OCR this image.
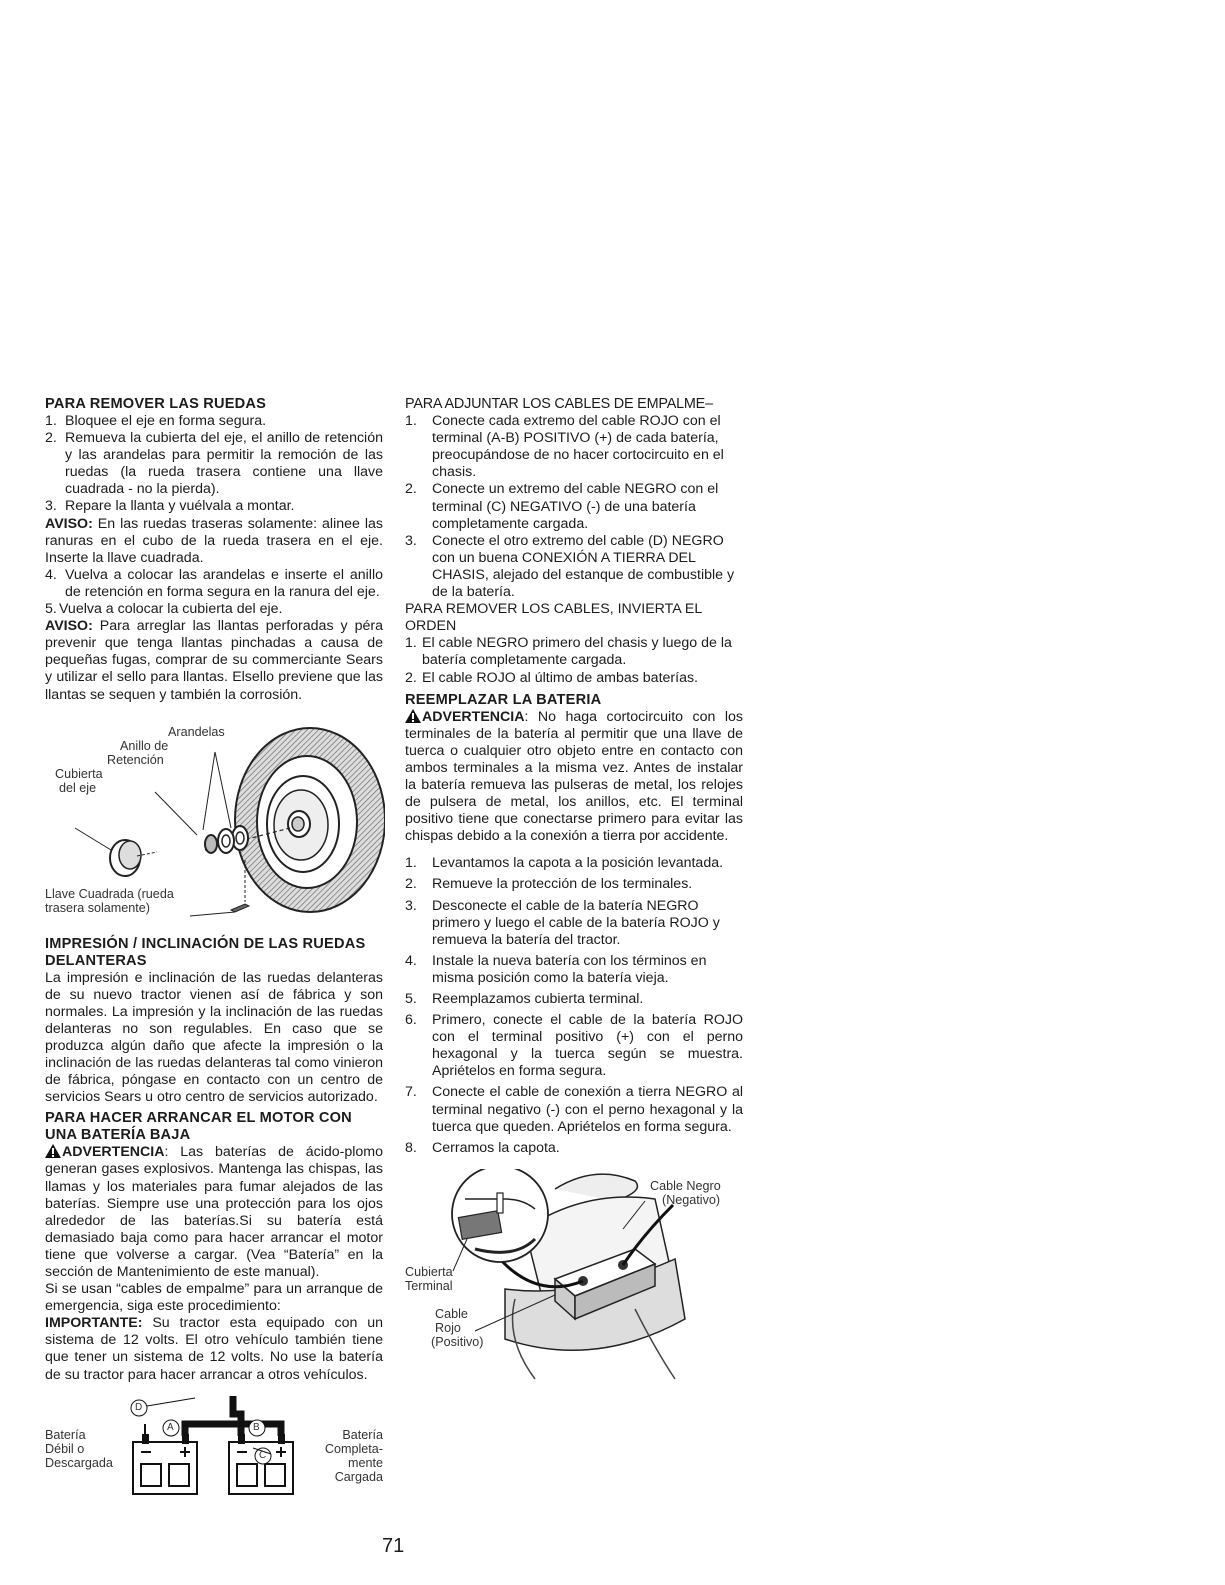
PARA REMOVER LAS RUEDAS
1. Bloquee el eje en forma segura.
2. Remueva la cubierta del eje, el anillo de retención y las arandelas para permitir la remoción de las ruedas (la rueda trasera contiene una llave cuadrada - no la pierda).
3. Repare la llanta y vuélvala a montar.

AVISO: En las ruedas traseras solamente: alinee las ranuras en el cubo de la rueda trasera en el eje. Inserte la llave cuadrada.

4. Vuelva a colocar las arandelas e inserte el anillo de retención en forma segura en la ranura del eje.
5. Vuelva a colocar la cubierta del eje.

AVISO: Para arreglar las llantas perforadas y péra prevenir que tenga llantas pinchadas a causa de pequeñas fugas, comprar de su commerciante Sears y utilizar el sello para llantas. Elsello previene que las llantas se sequen y también la corrosión.

Arandelas
Anillo de
Retención
Cubierta
del eje
Llave Cuadrada (rueda
trasera solamente)
IMPRESIÓN / INCLINACIÓN DE LAS RUEDAS DELANTERAS

La impresión e inclinación de las ruedas delanteras de su nuevo tractor vienen así de fábrica y son normales. La impresión y la inclinación de las ruedas delanteras no son regulables. En caso que se produzca algún daño que afecte la impresión o la inclinación de las ruedas delanteras tal como vinieron de fábrica, póngase en contacto con un centro de servicios Sears u otro centro de servicios autorizado.

PARA HACER ARRANCAR EL MOTOR CON UNA BATERÍA BAJA

ADVERTENCIA: Las baterías de ácido-plomo generan gases explosivos. Mantenga las chispas, las llamas y los materiales para fumar alejados de las baterías. Siempre use una protección para los ojos alrededor de las baterías.Si su batería está demasiado baja como para hacer arrancar el motor tiene que volverse a cargar. (Vea “Batería” en la sección de Mantenimiento de este manual).

Si se usan “cables de empalme” para un arranque de emergencia, siga este procedimiento:

IMPORTANTE: Su tractor esta equipado con un sistema de 12 volts. El otro vehículo también tiene que tener un sistema de 12 volts. No use la batería de su tractor para hacer arrancar a otros vehículos.

D
A	B
C
Batería
Débil o
Descargada
Batería
Completa-
mente
Cargada

PARA ADJUNTAR LOS CABLES DE EMPALME–

1. Conecte cada extremo del cable ROJO con el terminal (A-B) POSITIVO (+) de cada batería, preocupándose de no hacer cortocircuito en el chasis.
2. Conecte un extremo del cable NEGRO con el terminal (C) NEGATIVO (-) de una batería completamente cargada.
3. Conecte el otro extremo del cable (D) NEGRO con un buena CONEXIÓN A TIERRA DEL CHASIS, alejado del estanque de combustible y de la batería.

PARA REMOVER LOS CABLES, INVIERTA EL ORDEN

1. El cable NEGRO primero del chasis y luego de la batería completamente cargada.
2. El cable ROJO al último de ambas baterías.
REEMPLAZAR LA BATERIA

ADVERTENCIA: No haga cortocircuito con los terminales de la batería al permitir que una llave de tuerca o cualquier otro objeto entre en contacto con ambos terminales a la misma vez. Antes de instalar la batería remueva las pulseras de metal, los relojes de pulsera de metal, los anillos, etc. El terminal positivo tiene que conectarse primero para evitar las chispas debido a la conexión a tierra por accidente.

1. Levantamos la capota a la posición levantada.
2. Remueve la protección de los terminales.
3. Desconecte el cable de la batería NEGRO primero y luego el cable de la batería ROJO y remueva la batería del tractor.
4. Instale la nueva batería con los términos en misma posición como la batería vieja.
5. Reemplazamos cubierta terminal.
6. Primero, conecte el cable de la batería ROJO con el terminal positivo (+) con el perno hexagonal y la tuerca según se muestra. Apriételos en forma segura.
7. Conecte el cable de conexión a tierra NEGRO al terminal negativo (-) con el perno hexagonal y la tuerca que queden. Apriételos en forma segura.
8. Cerramos la capota.
Cable Negro
(Negativo)
Cubierta
Terminal
Cable
Rojo
(Positivo)
71
